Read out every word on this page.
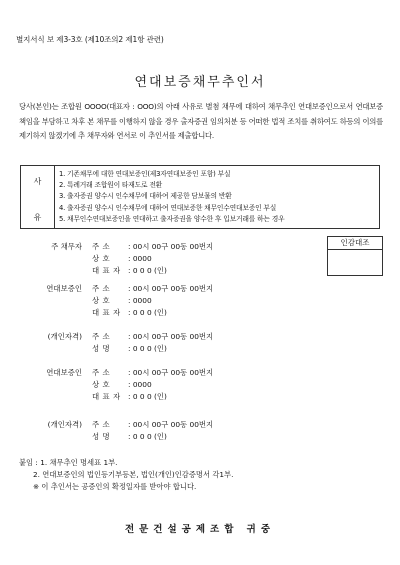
별지서식 보 제3-3호 (제10조의2 제1항 관련)
연대보증채무추인서
당사(본인)는 조합원 OOOO(대표자 : OOO)의 아래 사유로 별첨 채무에 대하여 채무추인 연대보증인으로서 연대보증책임을 부담하고 차후 본 채무를 이행하지 않을 경우 출자증권 임의처분 등 어떠한 법적 조치를 취하여도 하등의 이의를 제기하지 않겠기에 추 채무자와 연서로 이 추인서를 제출합니다.
사
유

1. 기존채무에 대한 연대보증인(제3자연대보증인 포함) 부실
2. 특례거래 조합원이 타재도로 전환
3. 출자증권 양수시 인수채무에 대하여 제공한 담보물의 반환
4. 출자증권 양수시 인수채무에 대하여 연대보증한 채무인수연대보증인 부실
5. 채무인수연대보증인을 연대하고 출자증권을 양수한 후 입보거래를 하는 경우
인감대조
주 채무자 주 소 : 00시 00구 00동 00번지
상 호 : 0000
대 표 자 : 0 0 0 (인)
연대보증인 주 소 : 00시 00구 00동 00번지
상 호 : 0000
대 표 자 : 0 0 0 (인)
(개인자격) 주 소 : 00시 00구 00동 00번지
성 명 : 0 0 0 (인)
연대보증인 주 소 : 00시 00구 00동 00번지
상 호 : 0000
대 표 자 : 0 0 0 (인)
(개인자격) 주 소 : 00시 00구 00동 00번지
성 명 : 0 0 0 (인)
붙임 : 1. 채무추인 명세표 1부.
2. 연대보증인의 법인등기부등본, 법인(개인)인감증명서 각1부.
※ 이 추인서는 공증인의 확정일자를 받아야 합니다.
전문건설공제조합 귀중
